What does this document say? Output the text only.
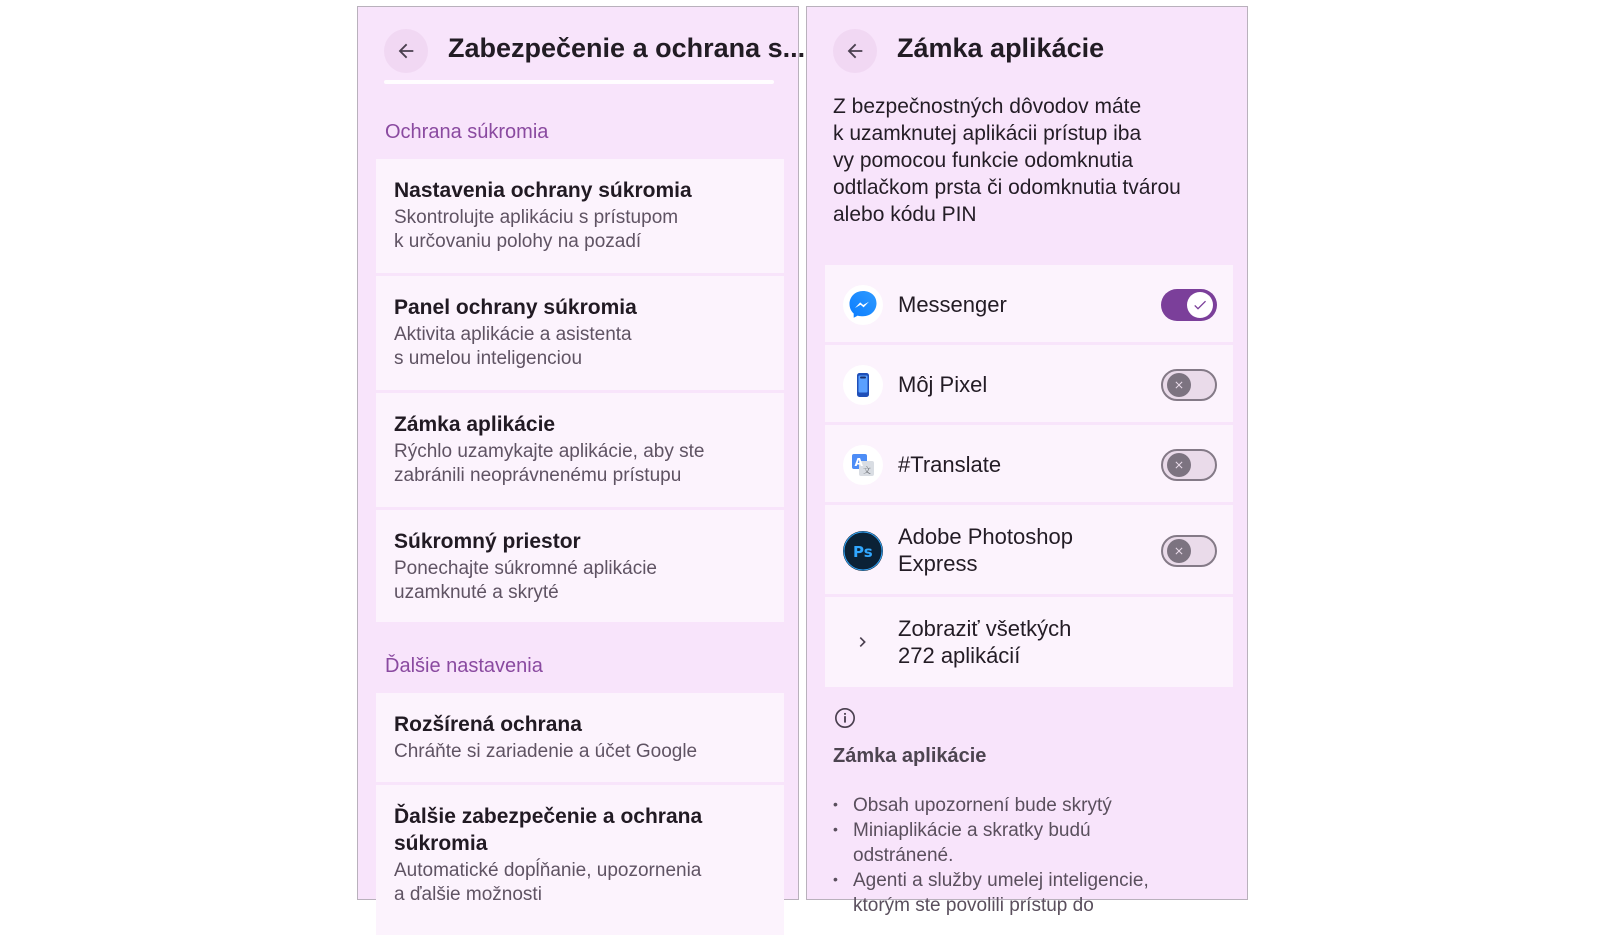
Zabezpečenie a ochrana s...
Ochrana súkromia
Nastavenia ochrany súkromia
Skontrolujte aplikáciu s prístupom
k určovaniu polohy na pozadí
Panel ochrany súkromia
Aktivita aplikácie a asistenta
s umelou inteligenciou
Zámka aplikácie
Rýchlo uzamykajte aplikácie, aby ste
zabránili neoprávnenému prístupu
Súkromný priestor
Ponechajte súkromné aplikácie
uzamknuté a skryté
Ďalšie nastavenia
Rozšírená ochrana
Chráňte si zariadenie a účet Google
Ďalšie zabezpečenie a ochrana
súkromia
Automatické dopĺňanie, upozornenia
a ďalšie možnosti
Zámka aplikácie
Z bezpečnostných dôvodov máte
k uzamknutej aplikácii prístup iba
vy pomocou funkcie odomknutia
odtlačkom prsta či odomknutia tvárou
alebo kódu PIN
Messenger
Môj Pixel
A
文 #Translate
Ps
Adobe Photoshop
Express
Zobraziť všetkých
272 aplikácií
Zámka aplikácie
• Obsah upozornení bude skrytý
• Miniaplikácie a skratky budú
odstránené.
• Agenti a služby umelej inteligencie,
ktorým ste povolili prístup do
